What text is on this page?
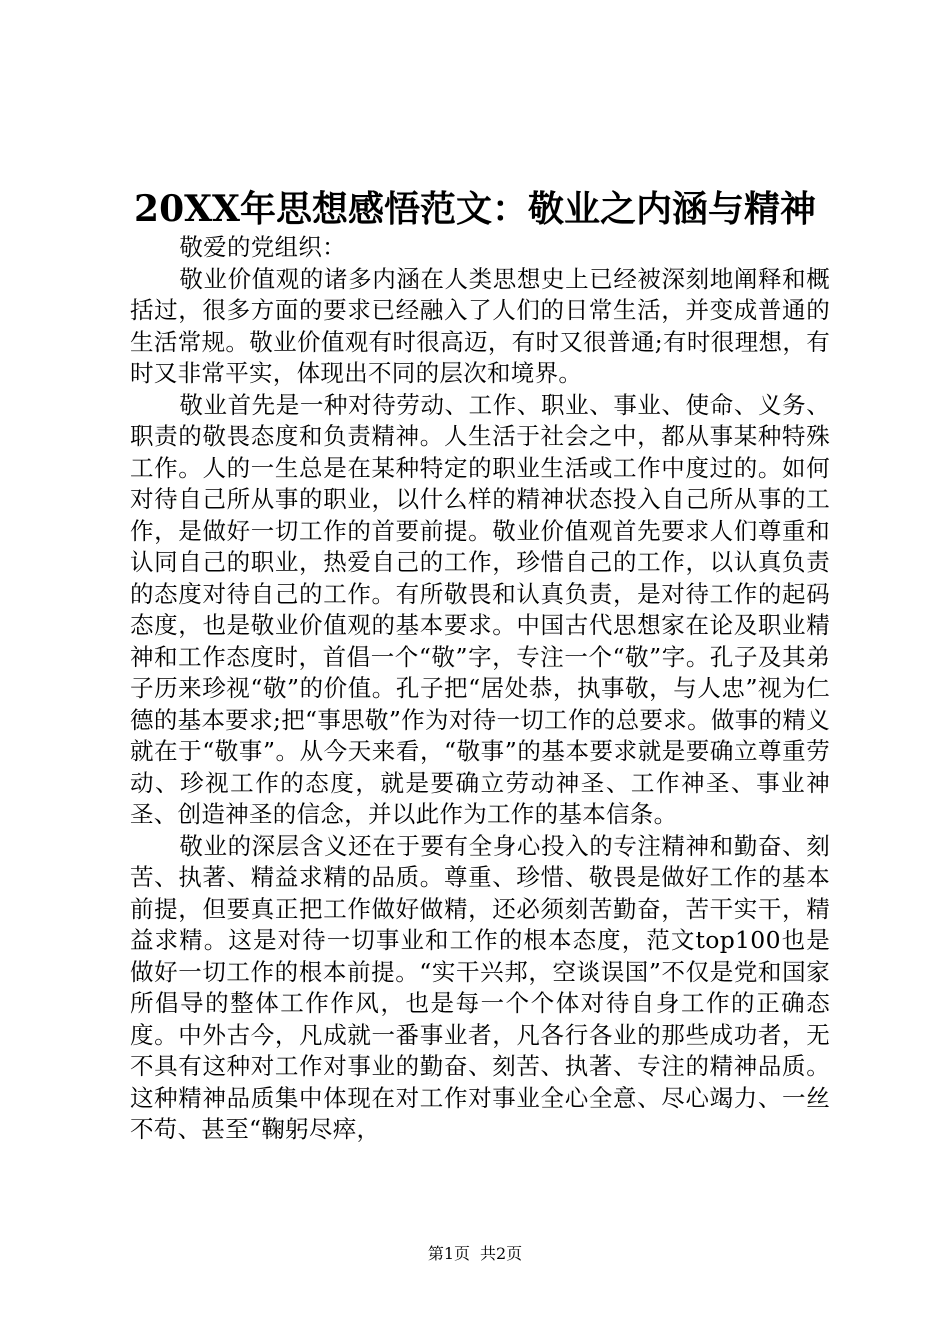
20XX年思想感悟范文：敬业之内涵与精神

敬爱的党组织：

敬业价值观的诸多内涵在人类思想史上已经被深刻地阐释和概括过，很多方面的要求已经融入了人们的日常生活，并变成普通的生活常规。敬业价值观有时很高迈，有时又很普通;有时很理想，有时又非常平实，体现出不同的层次和境界。

敬业首先是一种对待劳动、工作、职业、事业、使命、义务、职责的敬畏态度和负责精神。人生活于社会之中，都从事某种特殊工作。人的一生总是在某种特定的职业生活或工作中度过的。如何对待自己所从事的职业，以什么样的精神状态投入自己所从事的工作，是做好一切工作的首要前提。敬业价值观首先要求人们尊重和认同自己的职业，热爱自己的工作，珍惜自己的工作，以认真负责的态度对待自己的工作。有所敬畏和认真负责，是对待工作的起码态度，也是敬业价值观的基本要求。中国古代思想家在论及职业精神和工作态度时，首倡一个“敬”字，专注一个“敬”字。孔子及其弟子历来珍视“敬”的价值。孔子把“居处恭，执事敬，与人忠”视为仁德的基本要求;把“事思敬”作为对待一切工作的总要求。做事的精义就在于“敬事”。从今天来看，“敬事”的基本要求就是要确立尊重劳动、珍视工作的态度，就是要确立劳动神圣、工作神圣、事业神圣、创造神圣的信念，并以此作为工作的基本信条。

敬业的深层含义还在于要有全身心投入的专注精神和勤奋、刻苦、执著、精益求精的品质。尊重、珍惜、敬畏是做好工作的基本前提，但要真正把工作做好做精，还必须刻苦勤奋，苦干实干，精益求精。这是对待一切事业和工作的根本态度，范文top100也是做好一切工作的根本前提。“实干兴邦，空谈误国”不仅是党和国家所倡导的整体工作作风，也是每一个个体对待自身工作的正确态度。中外古今，凡成就一番事业者，凡各行各业的那些成功者，无不具有这种对工作对事业的勤奋、刻苦、执著、专注的精神品质。这种精神品质集中体现在对工作对事业全心全意、尽心竭力、一丝不苟、甚至“鞠躬尽瘁，

第1页 共2页
